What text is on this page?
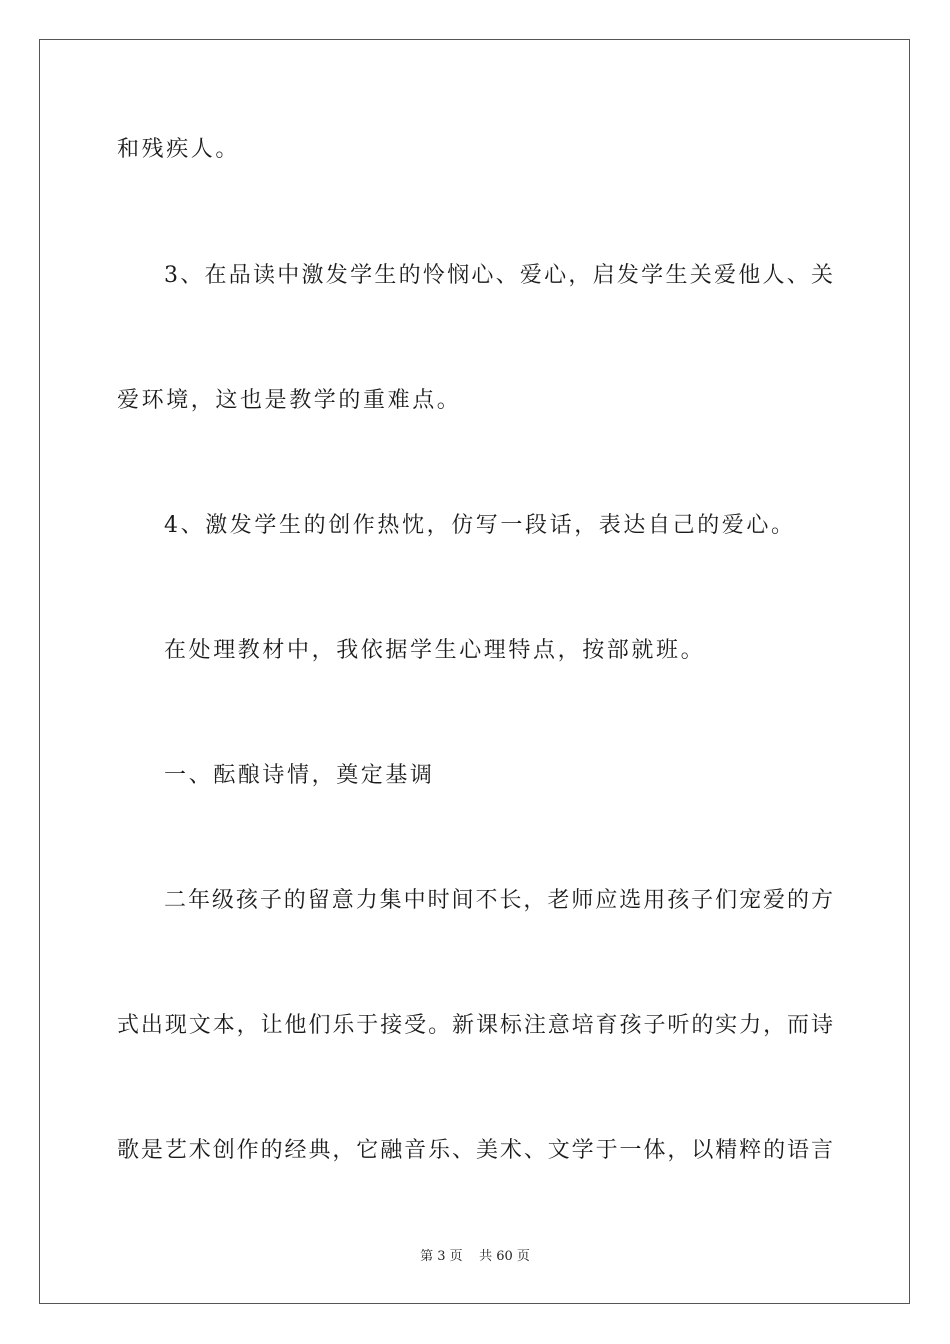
和残疾人。
3、在品读中激发学生的怜悯心、爱心，启发学生关爱他人、关
爱环境，这也是教学的重难点。
4、激发学生的创作热忱，仿写一段话，表达自己的爱心。
在处理教材中，我依据学生心理特点，按部就班。
一、酝酿诗情，奠定基调
二年级孩子的留意力集中时间不长，老师应选用孩子们宠爱的方
式出现文本，让他们乐于接受。新课标注意培育孩子听的实力，而诗
歌是艺术创作的经典，它融音乐、美术、文学于一体，以精粹的语言
第 3 页    共 60 页
